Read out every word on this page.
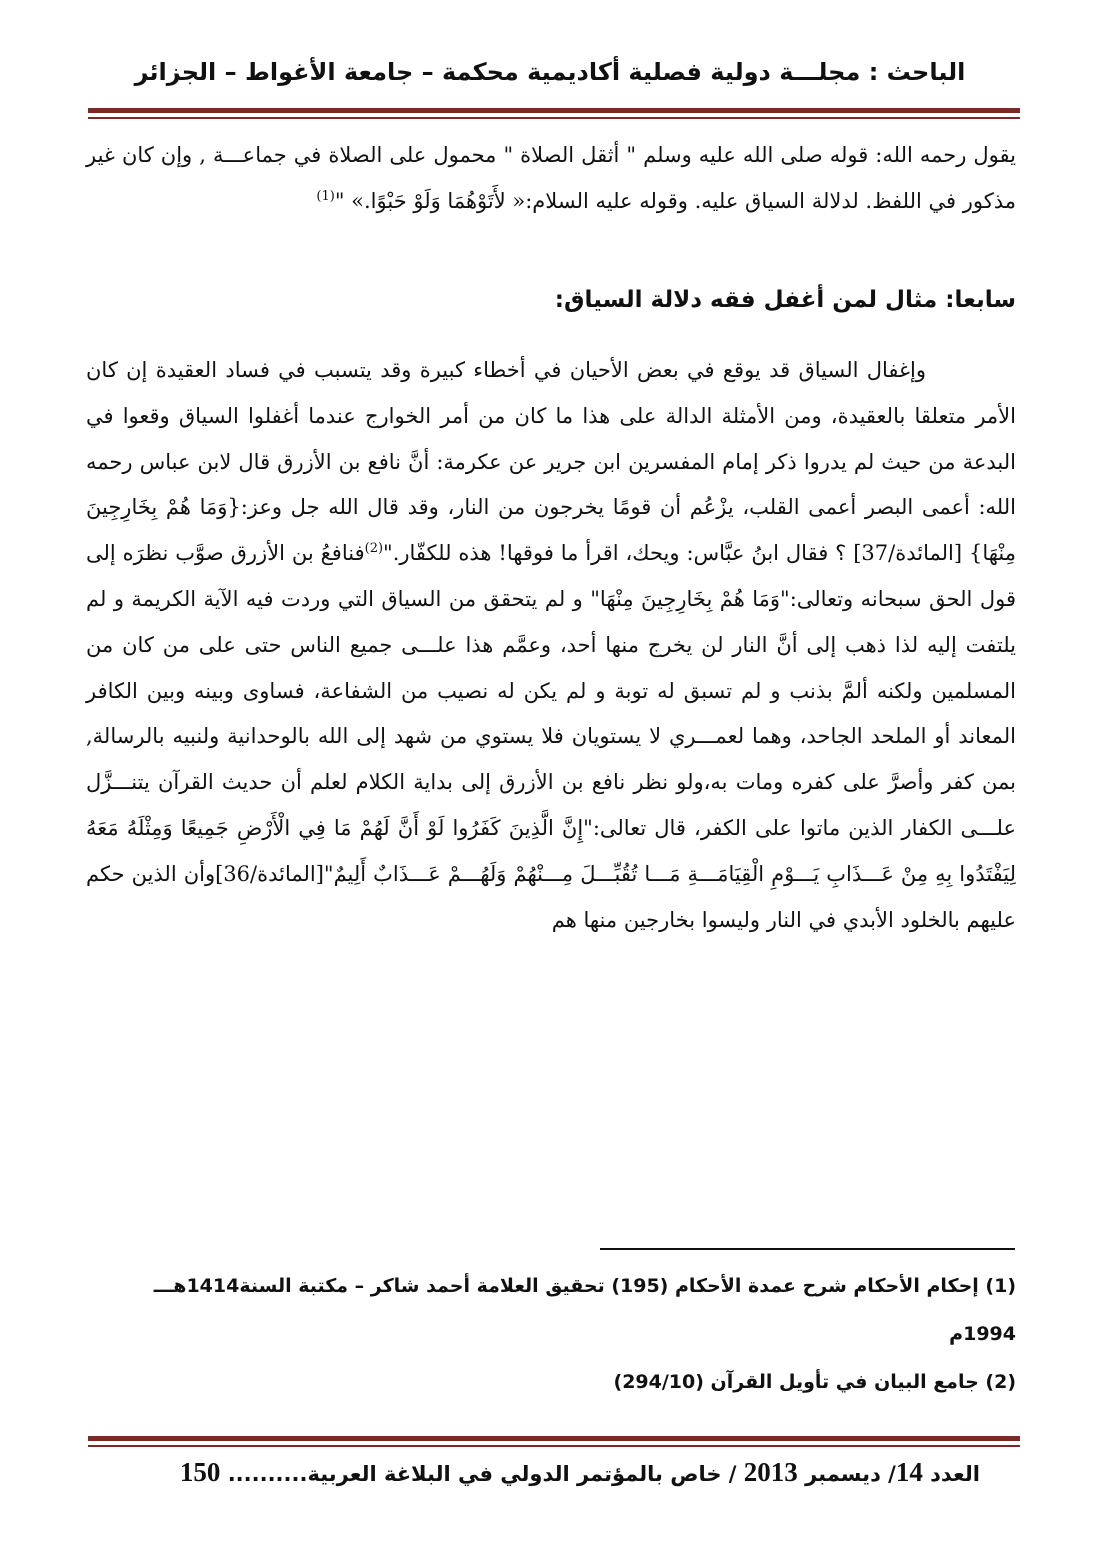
الباحث : مجلـــة دولية فصلية أكاديمية محكمة – جامعة الأغواط – الجزائر
يقول رحمه الله: قوله صلى الله عليه وسلم " أثقل الصلاة " محمول على الصلاة في جماعـــة , وإن كان غير مذكور في اللفظ. لدلالة السياق عليه. وقوله عليه السلام:« لأَتَوْهُمَا وَلَوْ حَبْوًا.» "$^{(1)}$
سابعا: مثال لمن أغفل فقه دلالة السياق:
وإغفال السياق قد يوقع في بعض الأحيان في أخطاء كبيرة وقد يتسبب في فساد العقيدة إن كان الأمر متعلقا بالعقيدة، ومن الأمثلة الدالة على هذا ما كان من أمر الخوارج عندما أغفلوا السياق وقعوا في البدعة من حيث لم يدروا ذكر إمام المفسرين ابن جرير عن عكرمة: أنَّ نافع بن الأزرق قال لابن عباس رحمه الله: أعمى البصر أعمى القلب، يزْعُم أن قومًا يخرجون من النار، وقد قال الله جل وعز:{وَمَا هُمْ بِخَارِجِينَ مِنْهَا} [المائدة/37] ؟ فقال ابنُ عبَّاس: ويحك، اقرأ ما فوقها! هذه للكفّار."$^{(2)}$فنافعُ بن الأزرق صوَّب نظرَه إلى قول الحق سبحانه وتعالى:"وَمَا هُمْ بِخَارِجِينَ مِنْهَا" و لم يتحقق من السياق التي وردت فيه الآية الكريمة و لم يلتفت إليه لذا ذهب إلى أنَّ النار لن يخرج منها أحد، وعمَّم هذا علـــى جميع الناس حتى على من كان من المسلمين ولكنه ألمَّ بذنب و لم تسبق له توبة و لم يكن له نصيب من الشفاعة، فساوى وبينه وبين الكافر المعاند أو الملحد الجاحد، وهما لعمـــري لا يستويان فلا يستوي من شهد إلى الله بالوحدانية ولنبيه بالرسالة, بمن كفر وأصرَّ على كفره ومات به،ولو نظر نافع بن الأزرق إلى بداية الكلام لعلم أن حديث القرآن يتنـــزَّل علـــى الكفار الذين ماتوا على الكفر، قال تعالى:"إِنَّ الَّذِينَ كَفَرُوا لَوْ أَنَّ لَهُمْ مَا فِي الْأَرْضِ جَمِيعًا وَمِثْلَهُ مَعَهُ لِيَفْتَدُوا بِهِ مِنْ عَـــذَابِ يَـــوْمِ الْقِيَامَـــةِ مَـــا تُقُبِّـــلَ مِـــنْهُمْ وَلَهُـــمْ عَـــذَابٌ أَلِيمٌ"[المائدة/36]وأن الذين حكم عليهم بالخلود الأبدي في النار وليسوا بخارجين منها هم

(1) إحكام الأحكام شرح عمدة الأحكام (195) تحقيق العلامة أحمد شاكر – مكتبة السنة1414هـــ 1994م

(2) جامع البيان في تأويل القرآن (294/10)

العدد 14/ ديسمبر 2013 / خاص بالمؤتمر الدولي في البلاغة العربية.......... 150
